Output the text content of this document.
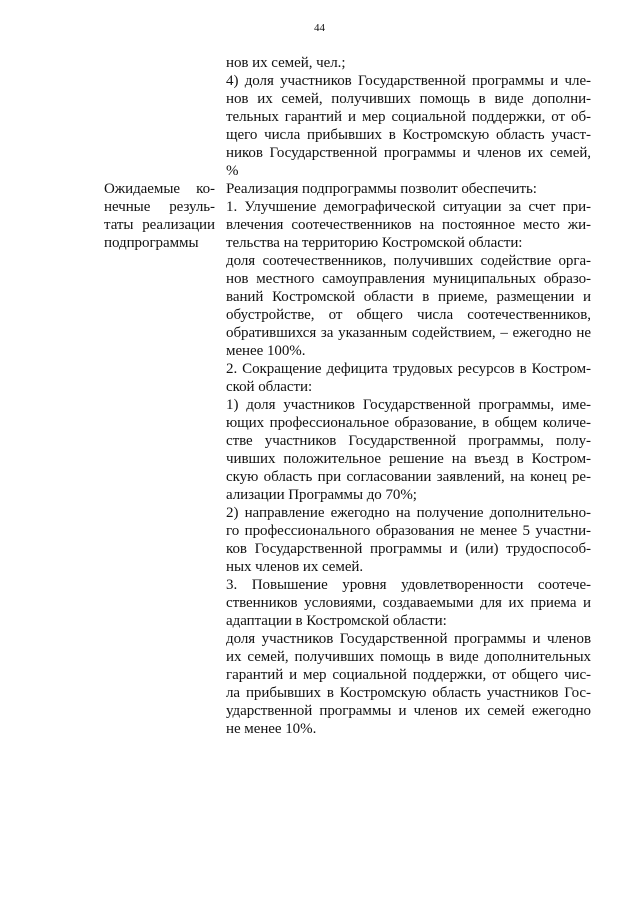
44
нов их семей, чел.;
4) доля участников Государственной программы и чле-
нов их семей, получивших помощь в виде дополни-
тельных гарантий и мер социальной поддержки, от об-
щего числа прибывших в Костромскую область участ-
ников Государственной программы и членов их семей,
%
Ожидаемые ко-
нечные резуль-
таты реализации
подпрограммы
Реализация подпрограммы позволит обеспечить:
1. Улучшение демографической ситуации за счет при-
влечения соотечественников на постоянное место жи-
тельства на территорию Костромской области:
доля соотечественников, получивших содействие орга-
нов местного самоуправления муниципальных образо-
ваний Костромской области в приеме, размещении и
обустройстве, от общего числа соотечественников,
обратившихся за указанным содействием, – ежегодно не
менее 100%.
2. Сокращение дефицита трудовых ресурсов в Костром-
ской области:
1) доля участников Государственной программы, име-
ющих профессиональное образование, в общем количе-
стве участников Государственной программы, полу-
чивших положительное решение на въезд в Костром-
скую область при согласовании заявлений, на конец ре-
ализации Программы до 70%;
2) направление ежегодно на получение дополнительно-
го профессионального образования не менее 5 участни-
ков Государственной программы и (или) трудоспособ-
ных членов их семей.
3. Повышение уровня удовлетворенности соотече-
ственников условиями, создаваемыми для их приема и
адаптации в Костромской области:
доля участников Государственной программы и членов
их семей, получивших помощь в виде дополнительных
гарантий и мер социальной поддержки, от общего чис-
ла прибывших в Костромскую область участников Гос-
ударственной программы и членов их семей ежегодно
не менее 10%.
